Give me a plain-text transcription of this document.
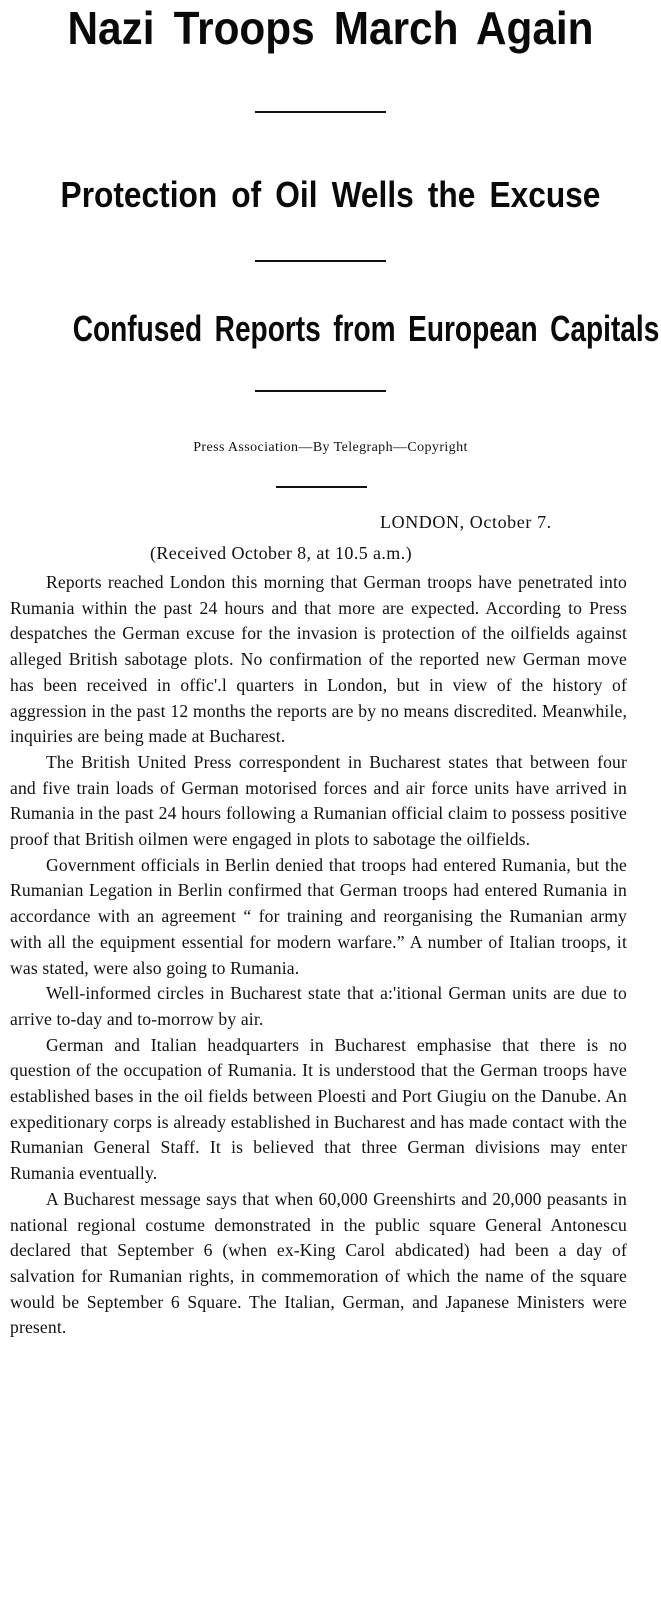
Nazi Troops March Again
Protection of Oil Wells the Excuse
Confused Reports from European Capitals
Press Association—By Telegraph—Copyright
LONDON, October 7.
(Received October 8, at 10.5 a.m.)

Reports reached London this morning that German troops have penetrated into Rumania within the past 24 hours and that more are expected. According to Press despatches the German excuse for the invasion is protection of the oilfields against alleged British sabotage plots. No confirmation of the reported new German move has been received in offic'.l quarters in London, but in view of the history of aggression in the past 12 months the reports are by no means discredited. Meanwhile, inquiries are being made at Bucharest.

The British United Press correspondent in Bucharest states that between four and five train loads of German motorised forces and air force units have arrived in Rumania in the past 24 hours following a Rumanian official claim to possess positive proof that British oilmen were engaged in plots to sabotage the oilfields.

Government officials in Berlin denied that troops had entered Rumania, but the Rumanian Legation in Berlin confirmed that German troops had entered Rumania in accordance with an agreement “ for training and reorganising the Rumanian army with all the equipment essential for modern warfare.” A number of Italian troops, it was stated, were also going to Rumania.

Well-informed circles in Bucharest state that a:'itional German units are due to arrive to-day and to-morrow by air.

German and Italian headquarters in Bucharest emphasise that there is no question of the occupation of Rumania. It is understood that the German troops have established bases in the oil fields between Ploesti and Port Giugiu on the Danube. An expeditionary corps is already established in Bucharest and has made contact with the Rumanian General Staff. It is believed that three German divisions may enter Rumania eventually.

A Bucharest message says that when 60,000 Greenshirts and 20,000 peasants in national regional costume demonstrated in the public square General Antonescu declared that September 6 (when ex-King Carol abdicated) had been a day of salvation for Rumanian rights, in commemoration of which the name of the square would be September 6 Square. The Italian, German, and Japanese Ministers were present.
